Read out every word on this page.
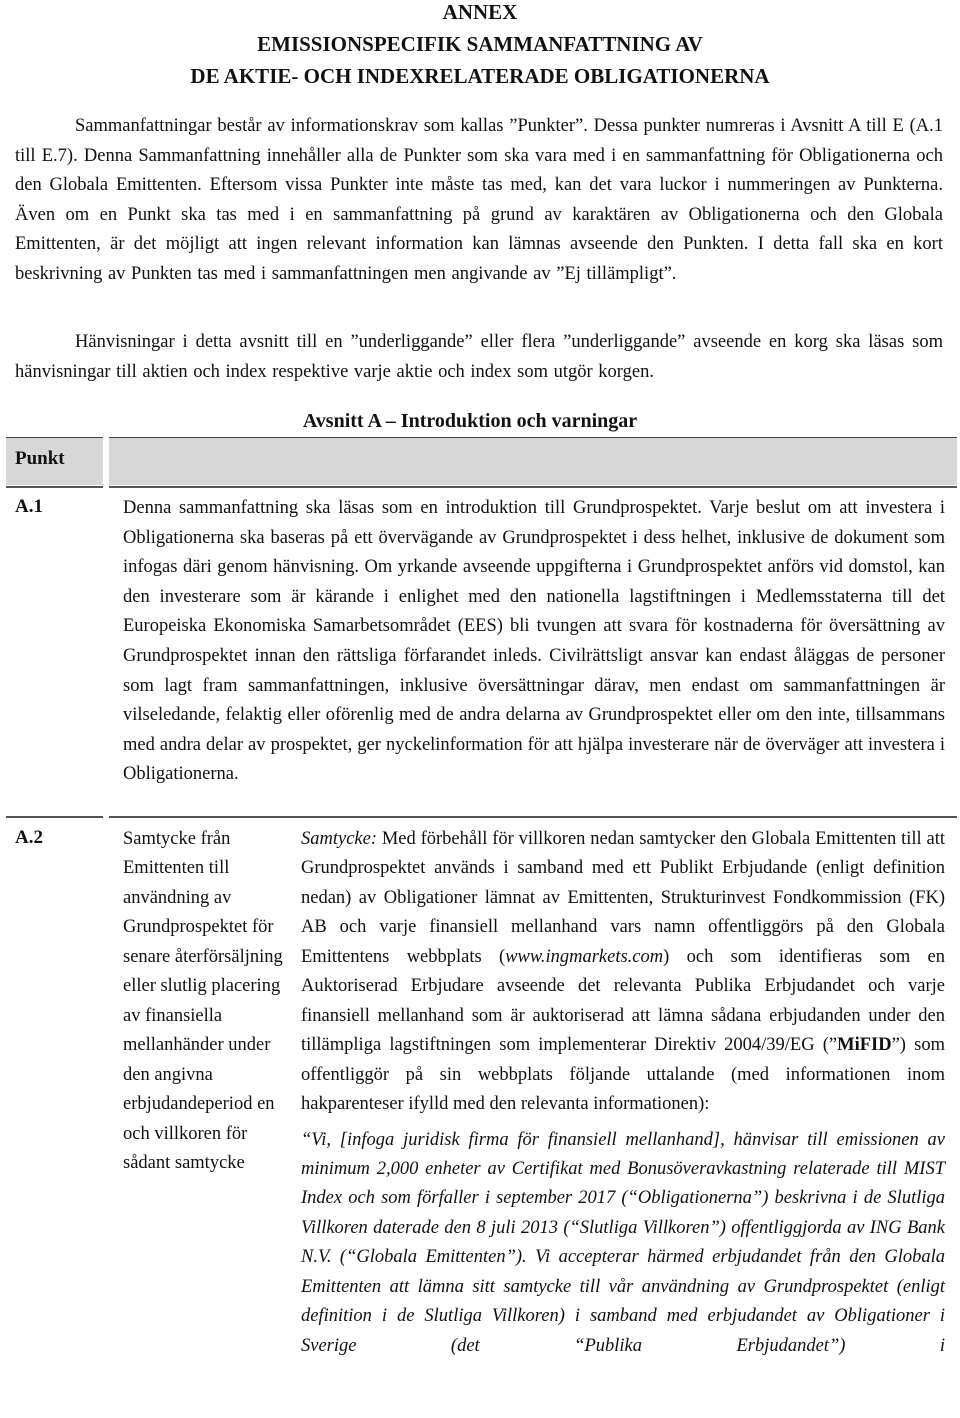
ANNEX
EMISSIONSPECIFIK SAMMANFATTNING AV
DE AKTIE- OCH INDEXRELATERADE OBLIGATIONERNA
Sammanfattningar består av informationskrav som kallas ”Punkter”. Dessa punkter numreras i Avsnitt A till E (A.1 till E.7). Denna Sammanfattning innehåller alla de Punkter som ska vara med i en sammanfattning för Obligationerna och den Globala Emittenten. Eftersom vissa Punkter inte måste tas med, kan det vara luckor i nummeringen av Punkterna. Även om en Punkt ska tas med i en sammanfattning på grund av karaktären av Obligationerna och den Globala Emittenten, är det möjligt att ingen relevant information kan lämnas avseende den Punkten. I detta fall ska en kort beskrivning av Punkten tas med i sammanfattningen men angivande av ”Ej tillämpligt”.
Hänvisningar i detta avsnitt till en ”underliggande” eller flera ”underliggande” avseende en korg ska läsas som hänvisningar till aktien och index respektive varje aktie och index som utgör korgen.
Avsnitt A – Introduktion och varningar
Punkt
A.1	Denna sammanfattning ska läsas som en introduktion till Grundprospektet. Varje beslut om att investera i Obligationerna ska baseras på ett övervägande av Grundprospektet i dess helhet, inklusive de dokument som infogas däri genom hänvisning. Om yrkande avseende uppgifterna i Grundprospektet anförs vid domstol, kan den investerare som är kärande i enlighet med den nationella lagstiftningen i Medlemsstaterna till det Europeiska Ekonomiska Samarbetsområdet (EES) bli tvungen att svara för kostnaderna för översättning av Grundprospektet innan den rättsliga förfarandet inleds. Civilrättsligt ansvar kan endast åläggas de personer som lagt fram sammanfattningen, inklusive översättningar därav, men endast om sammanfattningen är vilseledande, felaktig eller oförenlig med de andra delarna av Grundprospektet eller om den inte, tillsammans med andra delar av prospektet, ger nyckelinformation för att hjälpa investerare när de överväger att investera i Obligationerna.
A.2	Samtycke från Emittenten till användning av Grundprospektet för senare återförsäljning eller slutlig placering av finansiella mellanhänder under den angivna erbjudandeperiod en och villkoren för sådant samtycke
Samtycke: Med förbehåll för villkoren nedan samtycker den Globala Emittenten till att Grundprospektet används i samband med ett Publikt Erbjudande (enligt definition nedan) av Obligationer lämnat av Emittenten, Strukturinvest Fondkommission (FK) AB och varje finansiell mellanhand vars namn offentliggörs på den Globala Emittentens webbplats (www.ingmarkets.com) och som identifieras som en Auktoriserad Erbjudare avseende det relevanta Publika Erbjudandet och varje finansiell mellanhand som är auktoriserad att lämna sådana erbjudanden under den tillämpliga lagstiftningen som implementerar Direktiv 2004/39/EG (”MiFID”) som offentliggör på sin webbplats följande uttalande (med informationen inom hakparenteser ifylld med den relevanta informationen):
“Vi, [infoga juridisk firma för finansiell mellanhand], hänvisar till emissionen av minimum 2,000 enheter av Certifikat med Bonusöveravkastning relaterade till MIST Index och som förfaller i september 2017 (“Obligationerna”) beskrivna i de Slutliga Villkoren daterade den 8 juli 2013 (“Slutliga Villkoren”) offentliggjorda av ING Bank N.V. (“Globala Emittenten”). Vi accepterar härmed erbjudandet från den Globala Emittenten att lämna sitt samtycke till vår användning av Grundprospektet (enligt definition i de Slutliga Villkoren) i samband med erbjudandet av Obligationer i Sverige (det “Publika Erbjudandet”) i
